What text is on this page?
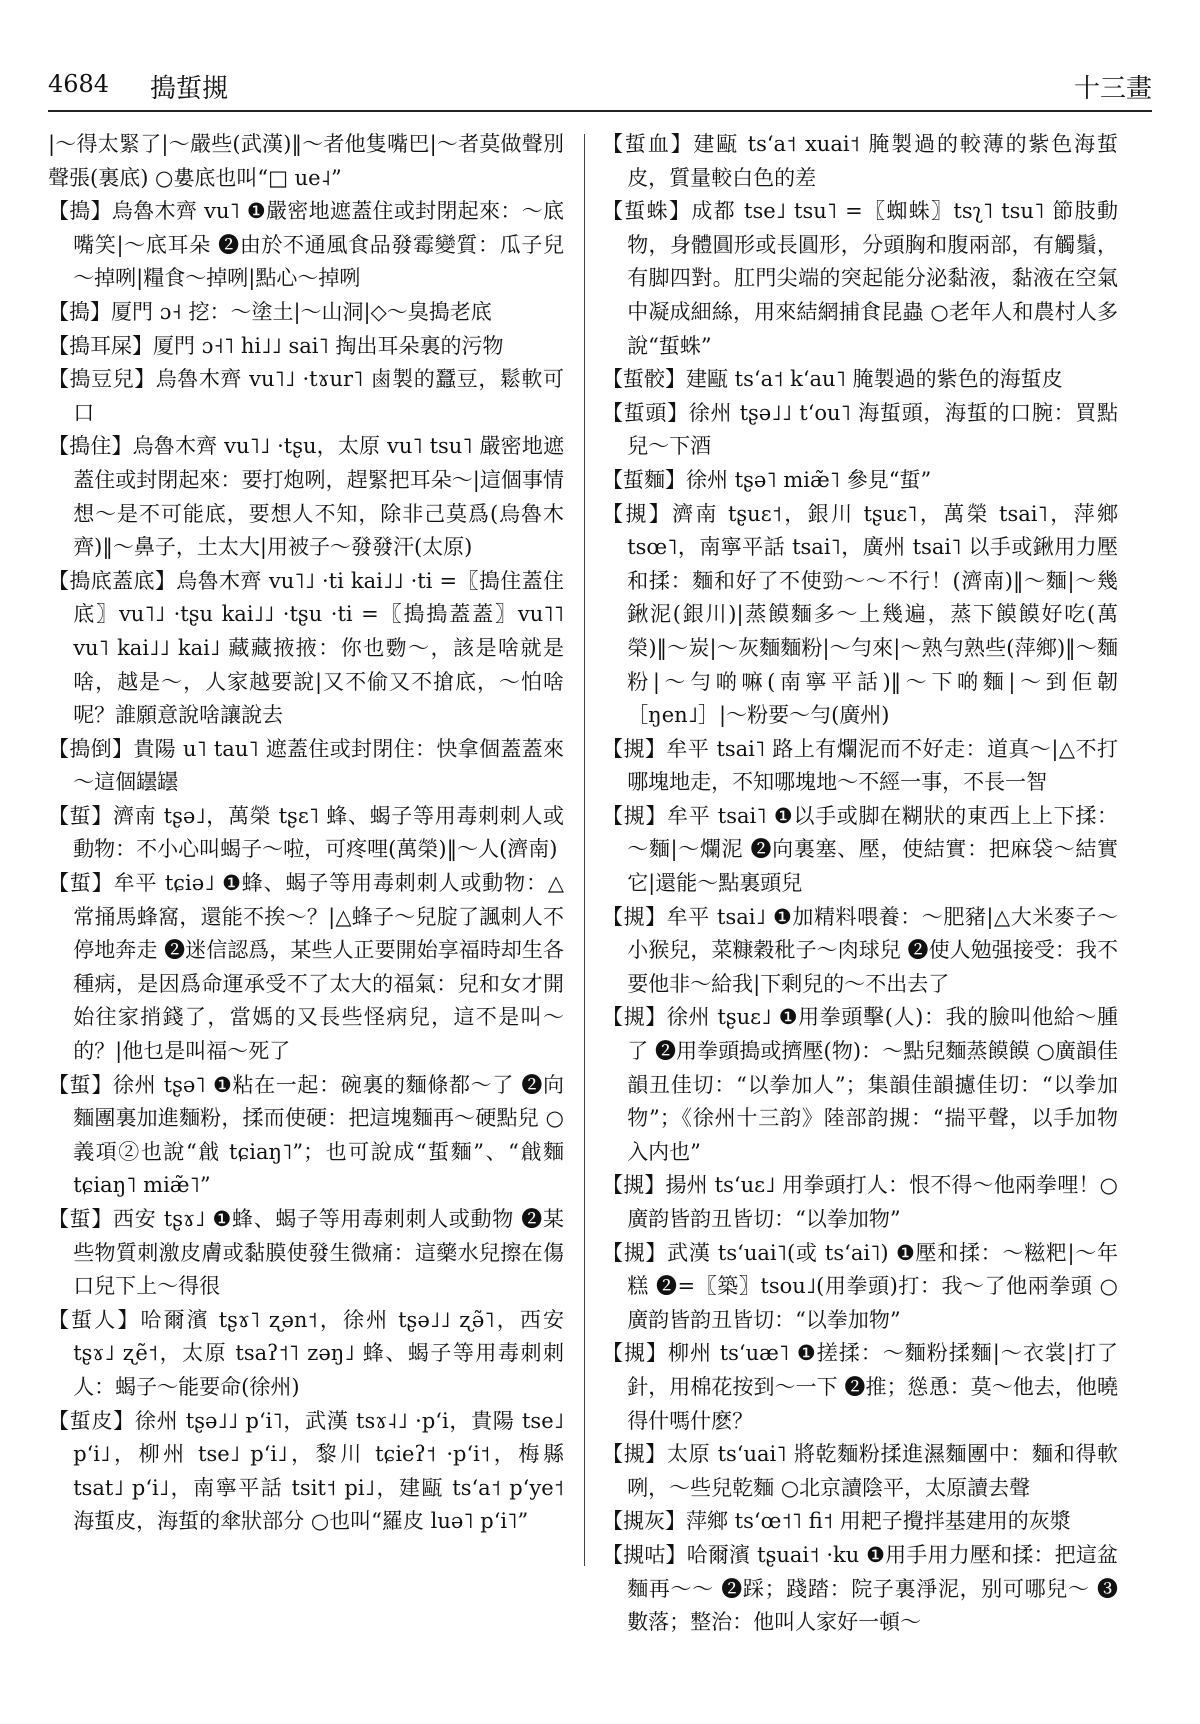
4684 搗蜇摫	十三畫

|～得太緊了|～嚴些(武漢)‖～者他隻嘴巴|～者莫做聲別聲張(裏底) ○婁底也叫“□ ue˨”

【搗】烏魯木齊 vu˥ ❶嚴密地遮蓋住或封閉起來：～底嘴笑|～底耳朵 ❷由於不通風食品發霉變質：瓜子兒～掉咧|糧食～掉咧|點心～掉咧

【搗】厦門 ɔ˧ 挖：～塗土|～山洞|◇～臭搗老底

【搗耳屎】厦門 ɔ˧˥ hi˩˩ sai˥ 掏出耳朵裏的污物

【搗豆兒】烏魯木齊 vu˥˩ ·tɤur˥ 鹵製的蠶豆，鬆軟可口

【搗住】烏魯木齊 vu˥˩ ·tʂu，太原 vu˥ tsu˥ 嚴密地遮蓋住或封閉起來：要打炮咧，趕緊把耳朵～|這個事情想～是不可能底，要想人不知，除非己莫爲(烏魯木齊)‖～鼻子，土太大|用被子～發發汗(太原)

【搗底蓋底】烏魯木齊 vu˥˩ ·ti kai˩˩ ·ti =〖搗住蓋住底〗vu˥˩ ·tʂu kai˩˩ ·tʂu ·ti =〖搗搗蓋蓋〗vu˥˥ vu˥ kai˩˩ kai˩ 藏藏掖掖：你也覅～，該是啥就是啥，越是～，人家越要說|又不偷又不搶底，～怕啥呢？誰願意說啥讓說去

【搗倒】貴陽 u˥ tau˥ 遮蓋住或封閉住：快拿個蓋蓋來～這個罎罎

【蜇】濟南 tʂə˩，萬榮 tʂɛ˥ 蜂、蝎子等用毒刺刺人或動物：不小心叫蝎子～啦，可疼哩(萬榮)‖～人(濟南)

【蜇】牟平 tɕiə˩ ❶蜂、蝎子等用毒刺刺人或動物：△常捅馬蜂窩，還能不挨～？|△蜂子～兒腚了諷刺人不停地奔走 ❷迷信認爲，某些人正要開始享福時却生各種病，是因爲命運承受不了太大的福氣：兒和女才開始往家捎錢了，當媽的又長些怪病兒，這不是叫～的？|他乜是叫福～死了

【蜇】徐州 tʂə˥ ❶粘在一起：碗裏的麵條都～了 ❷向麵團裏加進麵粉，揉而使硬：把這塊麵再～硬點兒 ○義項②也說“戧 tɕiaŋ˥”；也可說成“蜇麵”、“戧麵 tɕiaŋ˥ miæ̃˥”

【蜇】西安 tʂɤ˩ ❶蜂、蝎子等用毒刺刺人或動物 ❷某些物質刺激皮膚或黏膜使發生微痛：這藥水兒擦在傷口兒下上～得很

【蜇人】哈爾濱 tʂɤ˥ ʐən˦，徐州 tʂə˩˩ ʐə̃˥，西安 tʂɤ˩ ʐẽ˦，太原 tsaʔ˦˥ zəŋ˩ 蜂、蝎子等用毒刺刺人：蝎子～能要命(徐州)

【蜇皮】徐州 tʂə˩˩ pʻi˥，武漢 tsɤ˨˩ ·pʻi，貴陽 tse˩ pʻi˩，柳州 tse˩ pʻi˩，黎川 tɕieʔ˦ ·pʻi˦，梅縣 tsat˩ pʻi˩，南寧平話 tsit˦ pi˩，建甌 tsʻa˦ pʻye˦ 海蜇皮，海蜇的傘狀部分 ○也叫“羅皮 luə˥ pʻi˥”

【蜇血】建甌 tsʻa˦ xuai˦ 腌製過的較薄的紫色海蜇皮，質量較白色的差

【蜇蛛】成都 tse˩ tsu˥ =〖蜘蛛〗tsʅ˥ tsu˥ 節肢動物，身體圓形或長圓形，分頭胸和腹兩部，有觸鬚，有脚四對。肛門尖端的突起能分泌黏液，黏液在空氣中凝成細絲，用來結網捕食昆蟲 ○老年人和農村人多說“蜇蛛”

【蜇骹】建甌 tsʻa˦ kʻau˥ 腌製過的紫色的海蜇皮

【蜇頭】徐州 tʂə˩˩ tʻou˥ 海蜇頭，海蜇的口腕：買點兒～下酒

【蜇麵】徐州 tʂə˥ miæ̃˥ 參見“蜇”

【摫】濟南 tʂuɛ˦，銀川 tʂuɛ˥，萬榮 tsai˥，萍鄉 tsœ˥，南寧平話 tsai˥，廣州 tsai˥ 以手或鍬用力壓和揉：麵和好了不使勁～～不行！(濟南)‖～麵|～幾鍬泥(銀川)|蒸饃麵多～上幾遍，蒸下饃饃好吃(萬榮)‖～炭|～灰麵麵粉|～勻來|～熟勻熟些(萍鄉)‖～麵粉|～勻啲嘛(南寧平話)‖～下啲麵|～到佢韌［ŋen˩］|～粉要～勻(廣州)

【摫】牟平 tsai˥ 路上有爛泥而不好走：道真～|△不打哪塊地走，不知哪塊地～不經一事，不長一智

【摫】牟平 tsai˥ ❶以手或脚在糊狀的東西上上下揉：～麵|～爛泥 ❷向裏塞、壓，使結實：把麻袋～結實它|還能～點裏頭兒

【摫】牟平 tsai˩ ❶加精料喂養：～肥豬|△大米麥子～小猴兒，菜糠穀秕子～肉球兒 ❷使人勉强接受：我不要他非～給我|下剩兒的～不出去了

【摫】徐州 tʂuɛ˩ ❶用拳頭擊(人)：我的臉叫他給～腫了 ❷用拳頭搗或擠壓(物)：～點兒麵蒸饃饃 ○廣韻佳韻丑佳切：“以拳加人”；集韻佳韻攄佳切：“以拳加物”；《徐州十三韵》陸部韵摫：“揣平聲，以手加物入内也”

【摫】揚州 tsʻuɛ˩ 用拳頭打人：恨不得～他兩拳哩！○廣韵皆韵丑皆切：“以拳加物”

【摫】武漢 tsʻuai˥(或 tsʻai˥) ❶壓和揉：～糍粑|～年糕 ❷=〖築〗tsou˩(用拳頭)打：我～了他兩拳頭 ○廣韵皆韵丑皆切：“以拳加物”

【摫】柳州 tsʻuæ˥ ❶搓揉：～麵粉揉麵|～衣裳|打了針，用棉花按到～一下 ❷推；慫恿：莫～他去，他曉得什嗎什麽？

【摫】太原 tsʻuai˥ 將乾麵粉揉進濕麵團中：麵和得軟咧，～些兒乾麵 ○北京讀陰平，太原讀去聲

【摫灰】萍鄉 tsʻœ˦˥ fi˦ 用耙子攪拌基建用的灰漿

【摫咕】哈爾濱 tʂuai˦ ·ku ❶用手用力壓和揉：把這盆麵再～～ ❷踩；踐踏：院子裏淨泥，别可哪兒～ ❸數落；整治：他叫人家好一頓～
